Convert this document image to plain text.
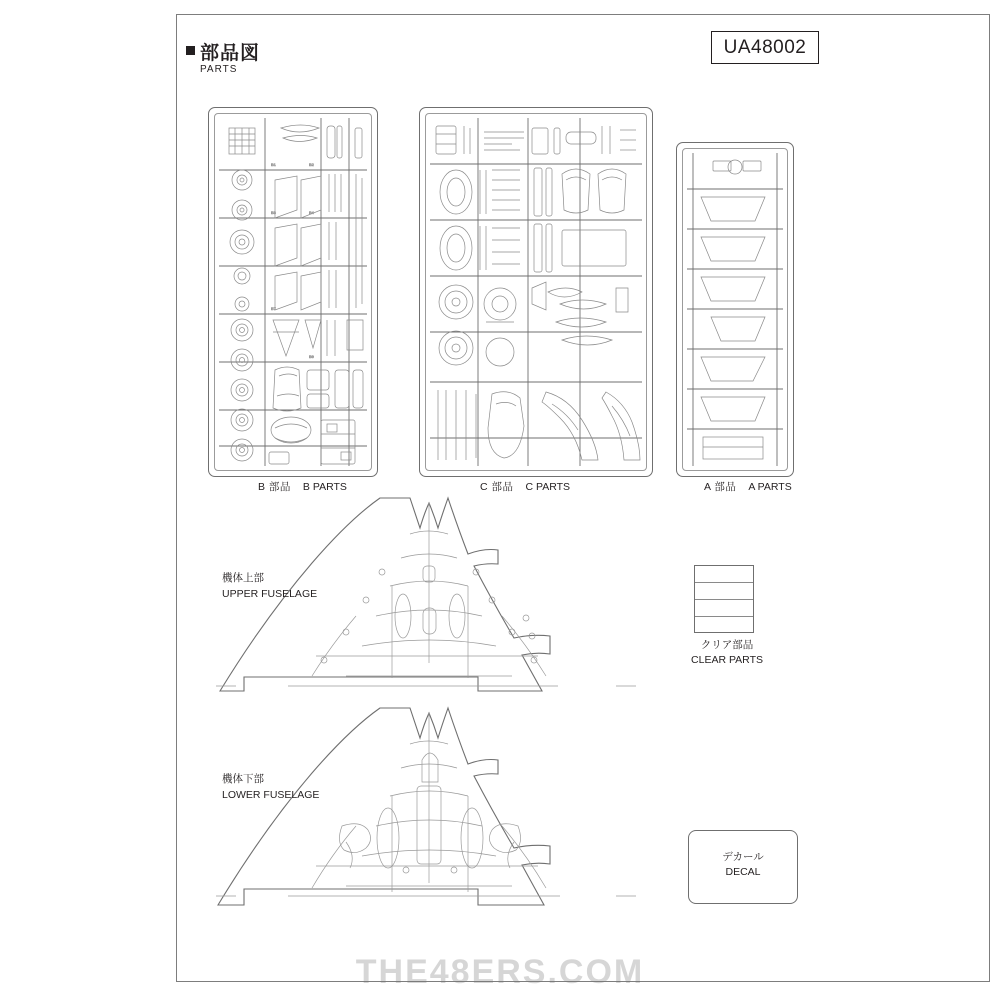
部品図
PARTS
UA48002
B1	B2
B3	B4
B7
B9
B 部品 B PARTS	C 部品 C PARTS	A 部品 A PARTS
機体上部
UPPER FUSELAGE
機体下部
LOWER FUSELAGE
クリア部品
CLEAR PARTS
デカール
DECAL
THE48ERS.COM
